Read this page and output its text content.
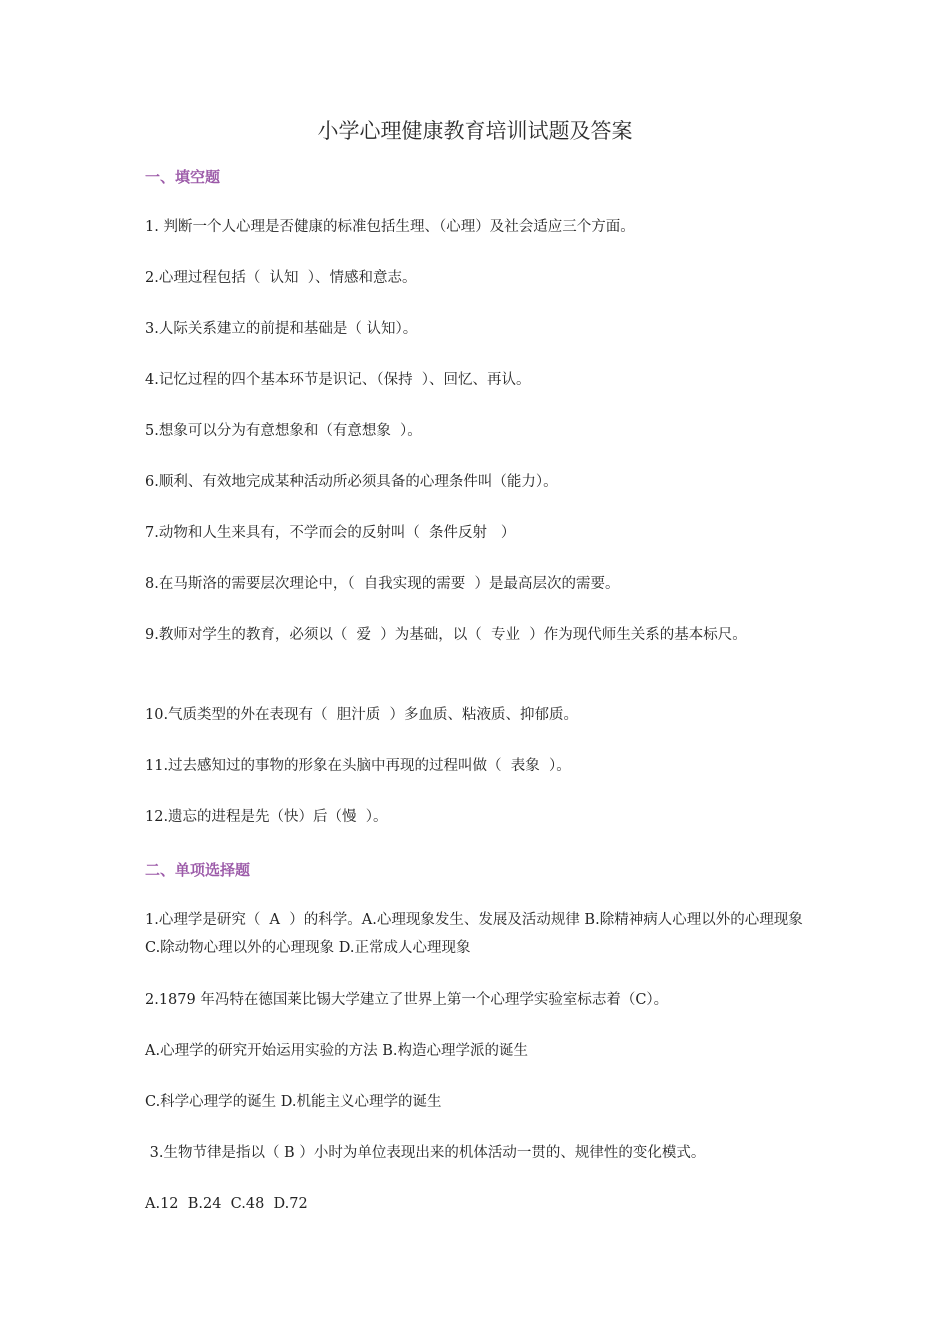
小学心理健康教育培训试题及答案
一、填空题
1. 判断一个人心理是否健康的标准包括生理、（心理）及社会适应三个方面。
2.心理过程包括（  认知  ）、情感和意志。
3.人际关系建立的前提和基础是（ 认知）。
4.记忆过程的四个基本环节是识记、（保持  ）、回忆、再认。
5.想象可以分为有意想象和（有意想象  ）。
6.顺利、有效地完成某种活动所必须具备的心理条件叫（能力）。
7.动物和人生来具有，不学而会的反射叫（  条件反射   ）
8.在马斯洛的需要层次理论中，（  自我实现的需要  ）是最高层次的需要。
9.教师对学生的教育，必须以（  爱  ）为基础，以（  专业  ）作为现代师生关系的基本标尺。
10.气质类型的外在表现有（  胆汁质  ）多血质、粘液质、抑郁质。
11.过去感知过的事物的形象在头脑中再现的过程叫做（  表象  ）。
12.遗忘的进程是先（快）后（慢  ）。
二、单项选择题
1.心理学是研究（  A  ）的科学。A.心理现象发生、发展及活动规律 B.除精神病人心理以外的心理现象 C.除动物心理以外的心理现象 D.正常成人心理现象
2.1879 年冯特在德国莱比锡大学建立了世界上第一个心理学实验室标志着（C）。
A.心理学的研究开始运用实验的方法 B.构造心理学派的诞生
C.科学心理学的诞生 D.机能主义心理学的诞生
3.生物节律是指以（ B ）小时为单位表现出来的机体活动一贯的、规律性的变化模式。
A.12  B.24  C.48  D.72
